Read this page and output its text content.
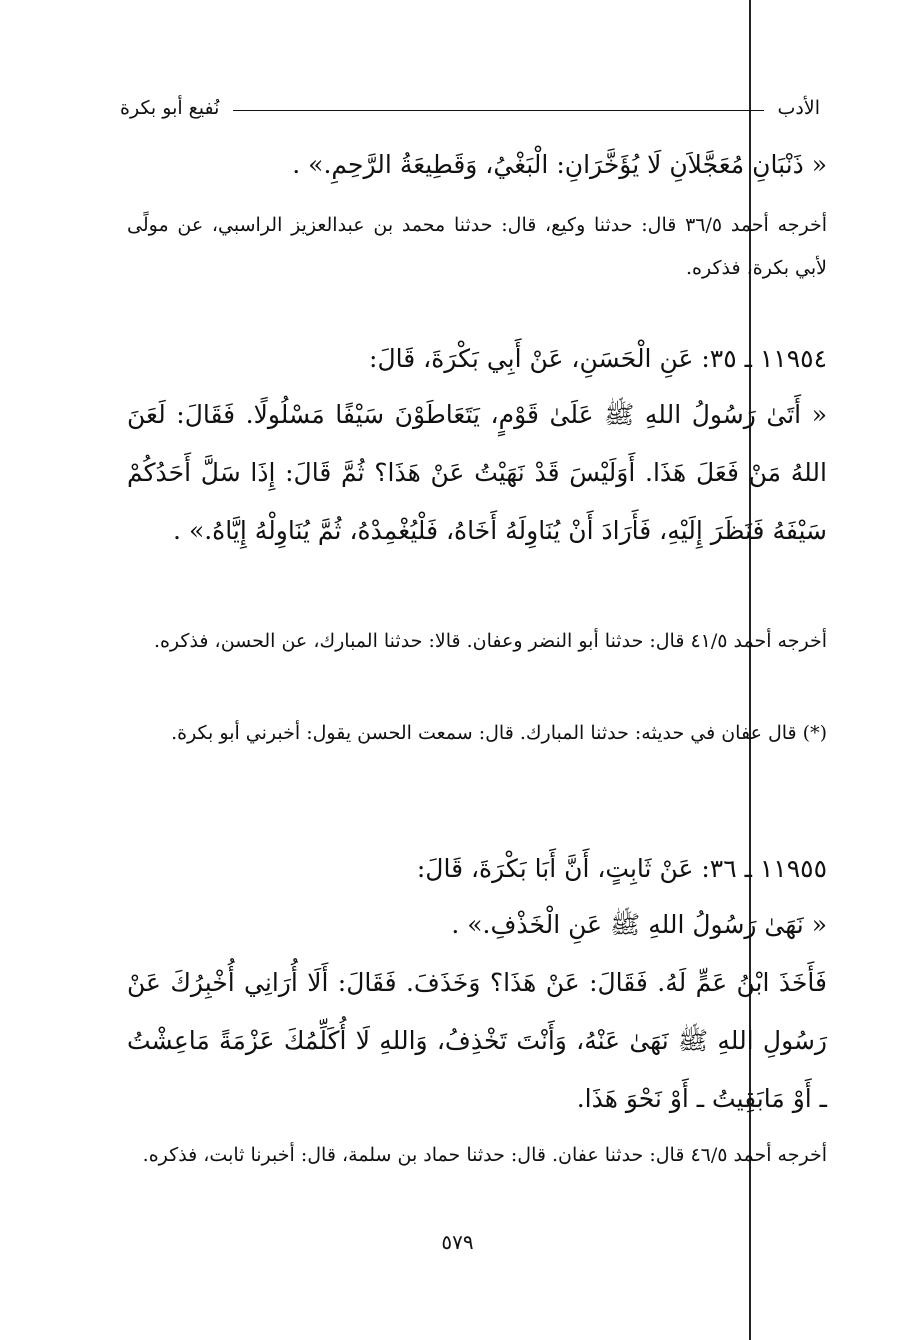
الأدب
نُفيع أبو بكرة
« ذَنْبَانِ مُعَجَّلاَنِ لَا يُؤَخَّرَانِ: الْبَغْيُ، وَقَطِيعَةُ الرَّحِمِ.» .
أخرجه أحمد ٣٦/٥ قال: حدثنا وكيع، قال: حدثنا محمد بن عبدالعزيز الراسبي، عن مولًى لأبي بكرة، فذكره.
١١٩٥٤ ـ ٣٥: عَنِ الْحَسَنِ، عَنْ أَبِي بَكْرَةَ، قَالَ:
« أَتَىٰ رَسُولُ اللهِ ﷺ عَلَىٰ قَوْمٍ، يَتَعَاطَوْنَ سَيْفًا مَسْلُولًا. فَقَالَ: لَعَنَ اللهُ مَنْ فَعَلَ هَذَا. أَوَلَيْسَ قَدْ نَهَيْتُ عَنْ هَذَا؟ ثُمَّ قَالَ: إِذَا سَلَّ أَحَدُكُمْ سَيْفَهُ فَنَظَرَ إِلَيْهِ، فَأَرَادَ أَنْ يُنَاوِلَهُ أَخَاهُ، فَلْيُغْمِدْهُ، ثُمَّ يُنَاوِلْهُ إِيَّاهُ.» .
أخرجه أحمد ٤١/٥ قال: حدثنا أبو النضر وعفان. قالا: حدثنا المبارك، عن الحسن، فذكره.
(*) قال عفان في حديثه: حدثنا المبارك. قال: سمعت الحسن يقول: أخبرني أبو بكرة.
١١٩٥٥ ـ ٣٦: عَنْ ثَابِتٍ، أَنَّ أَبَا بَكْرَةَ، قَالَ:
« نَهَىٰ رَسُولُ اللهِ ﷺ عَنِ الْخَذْفِ.» .
فَأَخَذَ ابْنُ عَمٍّ لَهُ. فَقَالَ: عَنْ هَذَا؟ وَخَذَفَ. فَقَالَ: أَلَا أُرَانِي أُخْبِرُكَ عَنْ رَسُولِ اللهِ ﷺ نَهَىٰ عَنْهُ، وَأَنْتَ تَخْذِفُ، وَاللهِ لَا أُكَلِّمُكَ عَزْمَةً مَاعِشْتُ ـ أَوْ مَابَقِيتُ ـ أَوْ نَحْوَ هَذَا.
أخرجه أحمد ٤٦/٥ قال: حدثنا عفان. قال: حدثنا حماد بن سلمة، قال: أخبرنا ثابت، فذكره.
٥٧٩
